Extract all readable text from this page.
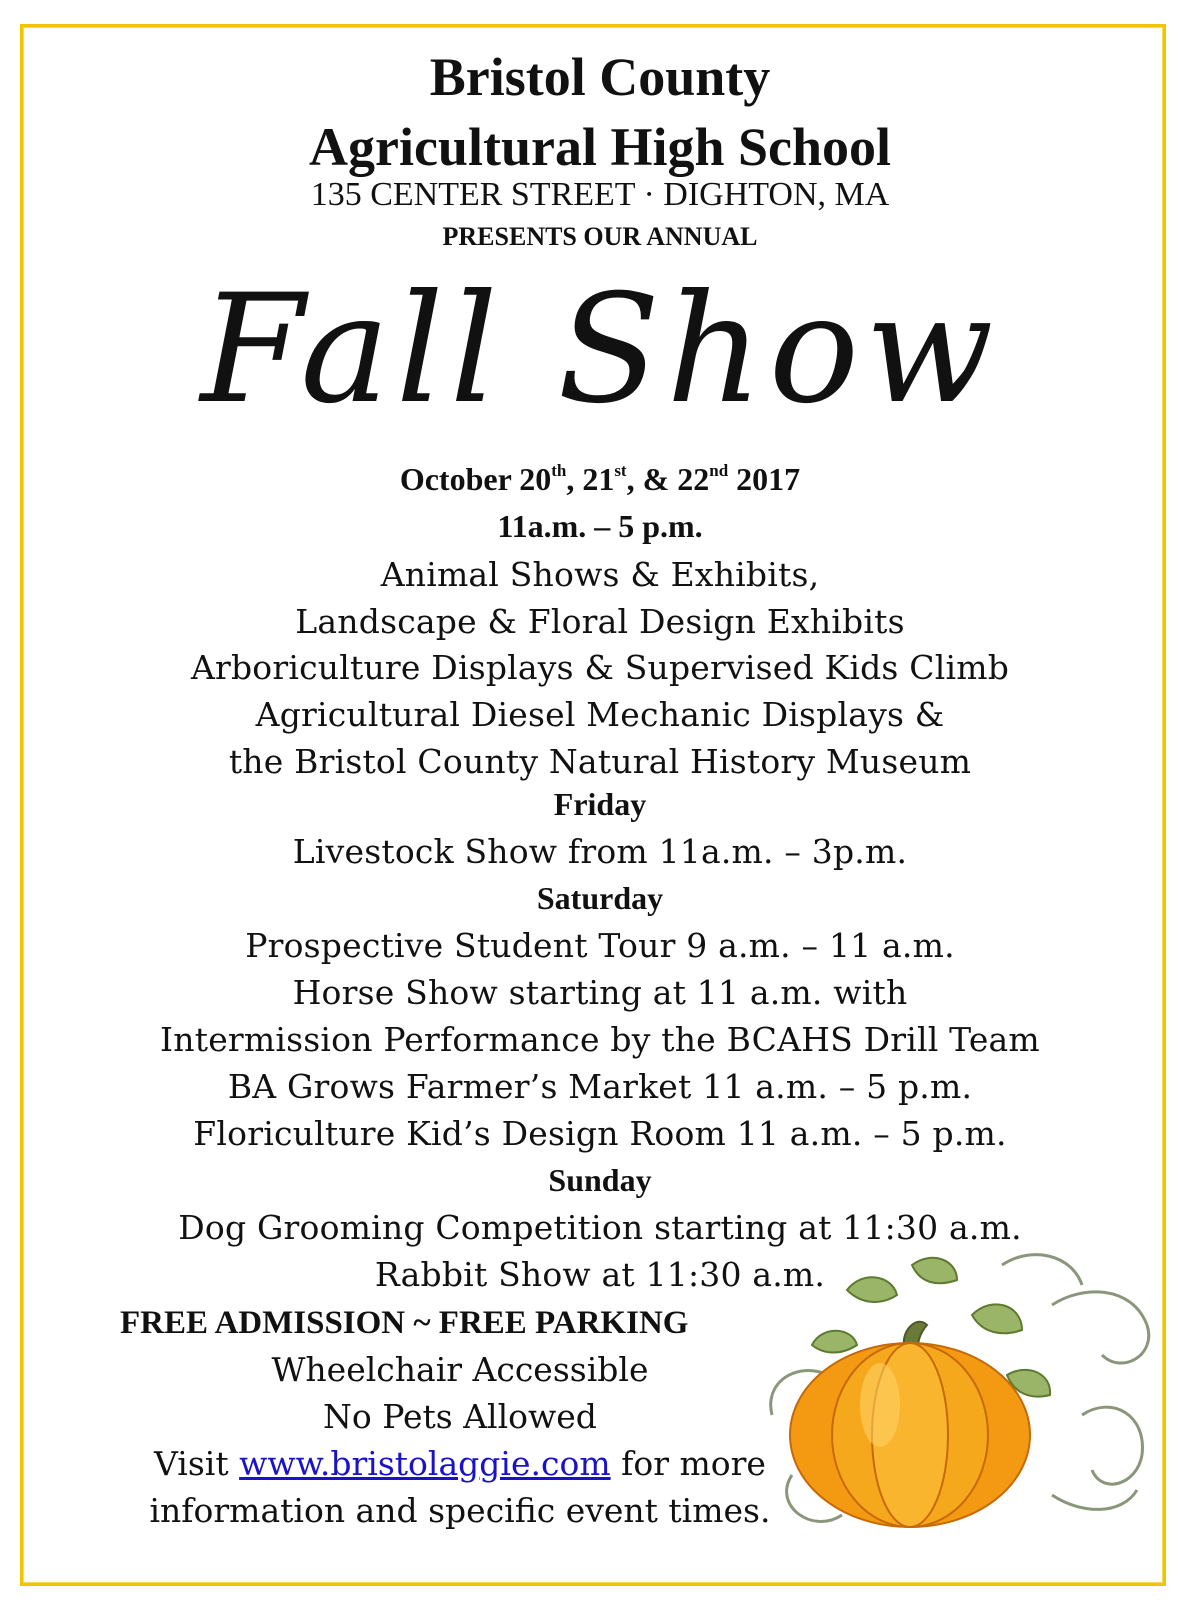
Bristol County
Agricultural High School
135 CENTER STREET · DIGHTON, MA
PRESENTS OUR ANNUAL
Fall Show
October 20th, 21st, & 22nd 2017
11a.m. – 5 p.m.
Animal Shows & Exhibits,
Landscape & Floral Design Exhibits
Arboriculture Displays & Supervised Kids Climb
Agricultural Diesel Mechanic Displays &
the Bristol County Natural History Museum
Friday
Livestock Show from 11a.m. – 3p.m.
Saturday
Prospective Student Tour 9 a.m. – 11 a.m.
Horse Show starting at 11 a.m. with
Intermission Performance by the BCAHS Drill Team
BA Grows Farmer’s Market 11 a.m. – 5 p.m.
Floriculture Kid’s Design Room 11 a.m. – 5 p.m.
Sunday
Dog Grooming Competition starting at 11:30 a.m.
Rabbit Show at 11:30 a.m.
FREE ADMISSION ~ FREE PARKING
Wheelchair Accessible
No Pets Allowed
Visit www.bristolaggie.com for more
information and specific event times.
